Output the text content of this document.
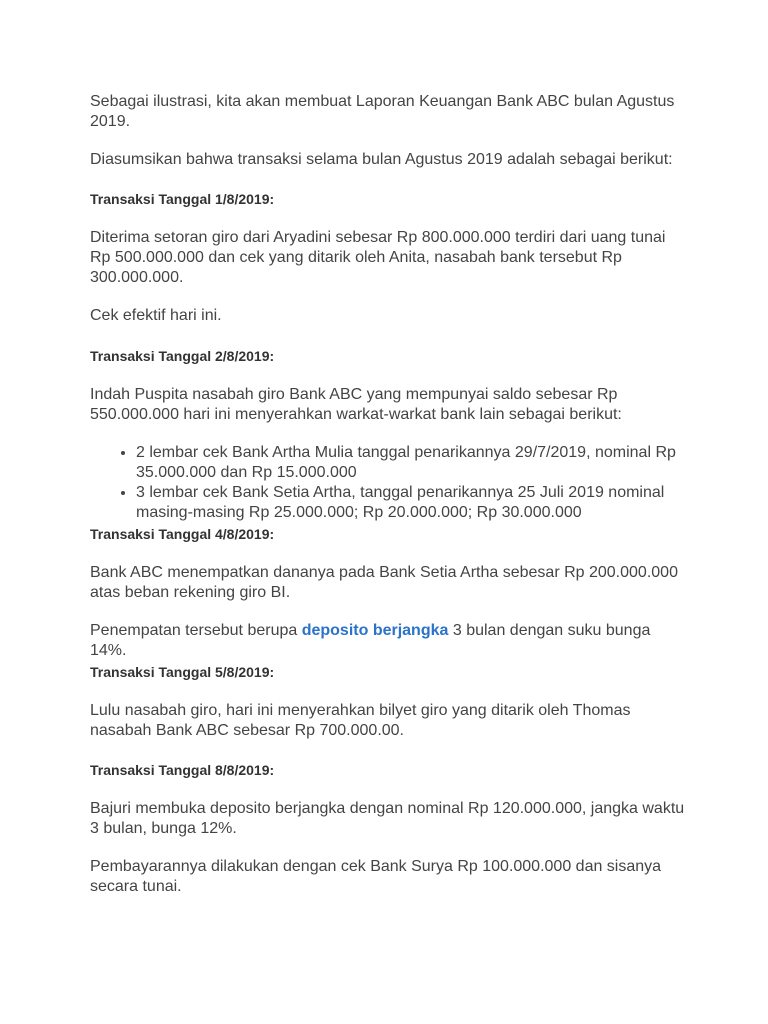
Sebagai ilustrasi, kita akan membuat Laporan Keuangan Bank ABC bulan Agustus 2019.

Diasumsikan bahwa transaksi selama bulan Agustus 2019 adalah sebagai berikut:

Transaksi Tanggal 1/8/2019:

Diterima setoran giro dari Aryadini sebesar Rp 800.000.000 terdiri dari uang tunai Rp 500.000.000 dan cek yang ditarik oleh Anita, nasabah bank tersebut Rp 300.000.000.

Cek efektif hari ini.

Transaksi Tanggal 2/8/2019:

Indah Puspita nasabah giro Bank ABC yang mempunyai saldo sebesar Rp 550.000.000 hari ini menyerahkan warkat-warkat bank lain sebagai berikut:

• 2 lembar cek Bank Artha Mulia tanggal penarikannya 29/7/2019, nominal Rp 35.000.000 dan Rp 15.000.000
• 3 lembar cek Bank Setia Artha, tanggal penarikannya 25 Juli 2019 nominal masing-masing Rp 25.000.000; Rp 20.000.000; Rp 30.000.000

Transaksi Tanggal 4/8/2019:

Bank ABC menempatkan dananya pada Bank Setia Artha sebesar Rp 200.000.000 atas beban rekening giro BI.

Penempatan tersebut berupa deposito berjangka 3 bulan dengan suku bunga 14%.

Transaksi Tanggal 5/8/2019:

Lulu nasabah giro, hari ini menyerahkan bilyet giro yang ditarik oleh Thomas nasabah Bank ABC sebesar Rp 700.000.00.

Transaksi Tanggal 8/8/2019:

Bajuri membuka deposito berjangka dengan nominal Rp 120.000.000, jangka waktu 3 bulan, bunga 12%.

Pembayarannya dilakukan dengan cek Bank Surya Rp 100.000.000 dan sisanya secara tunai.
